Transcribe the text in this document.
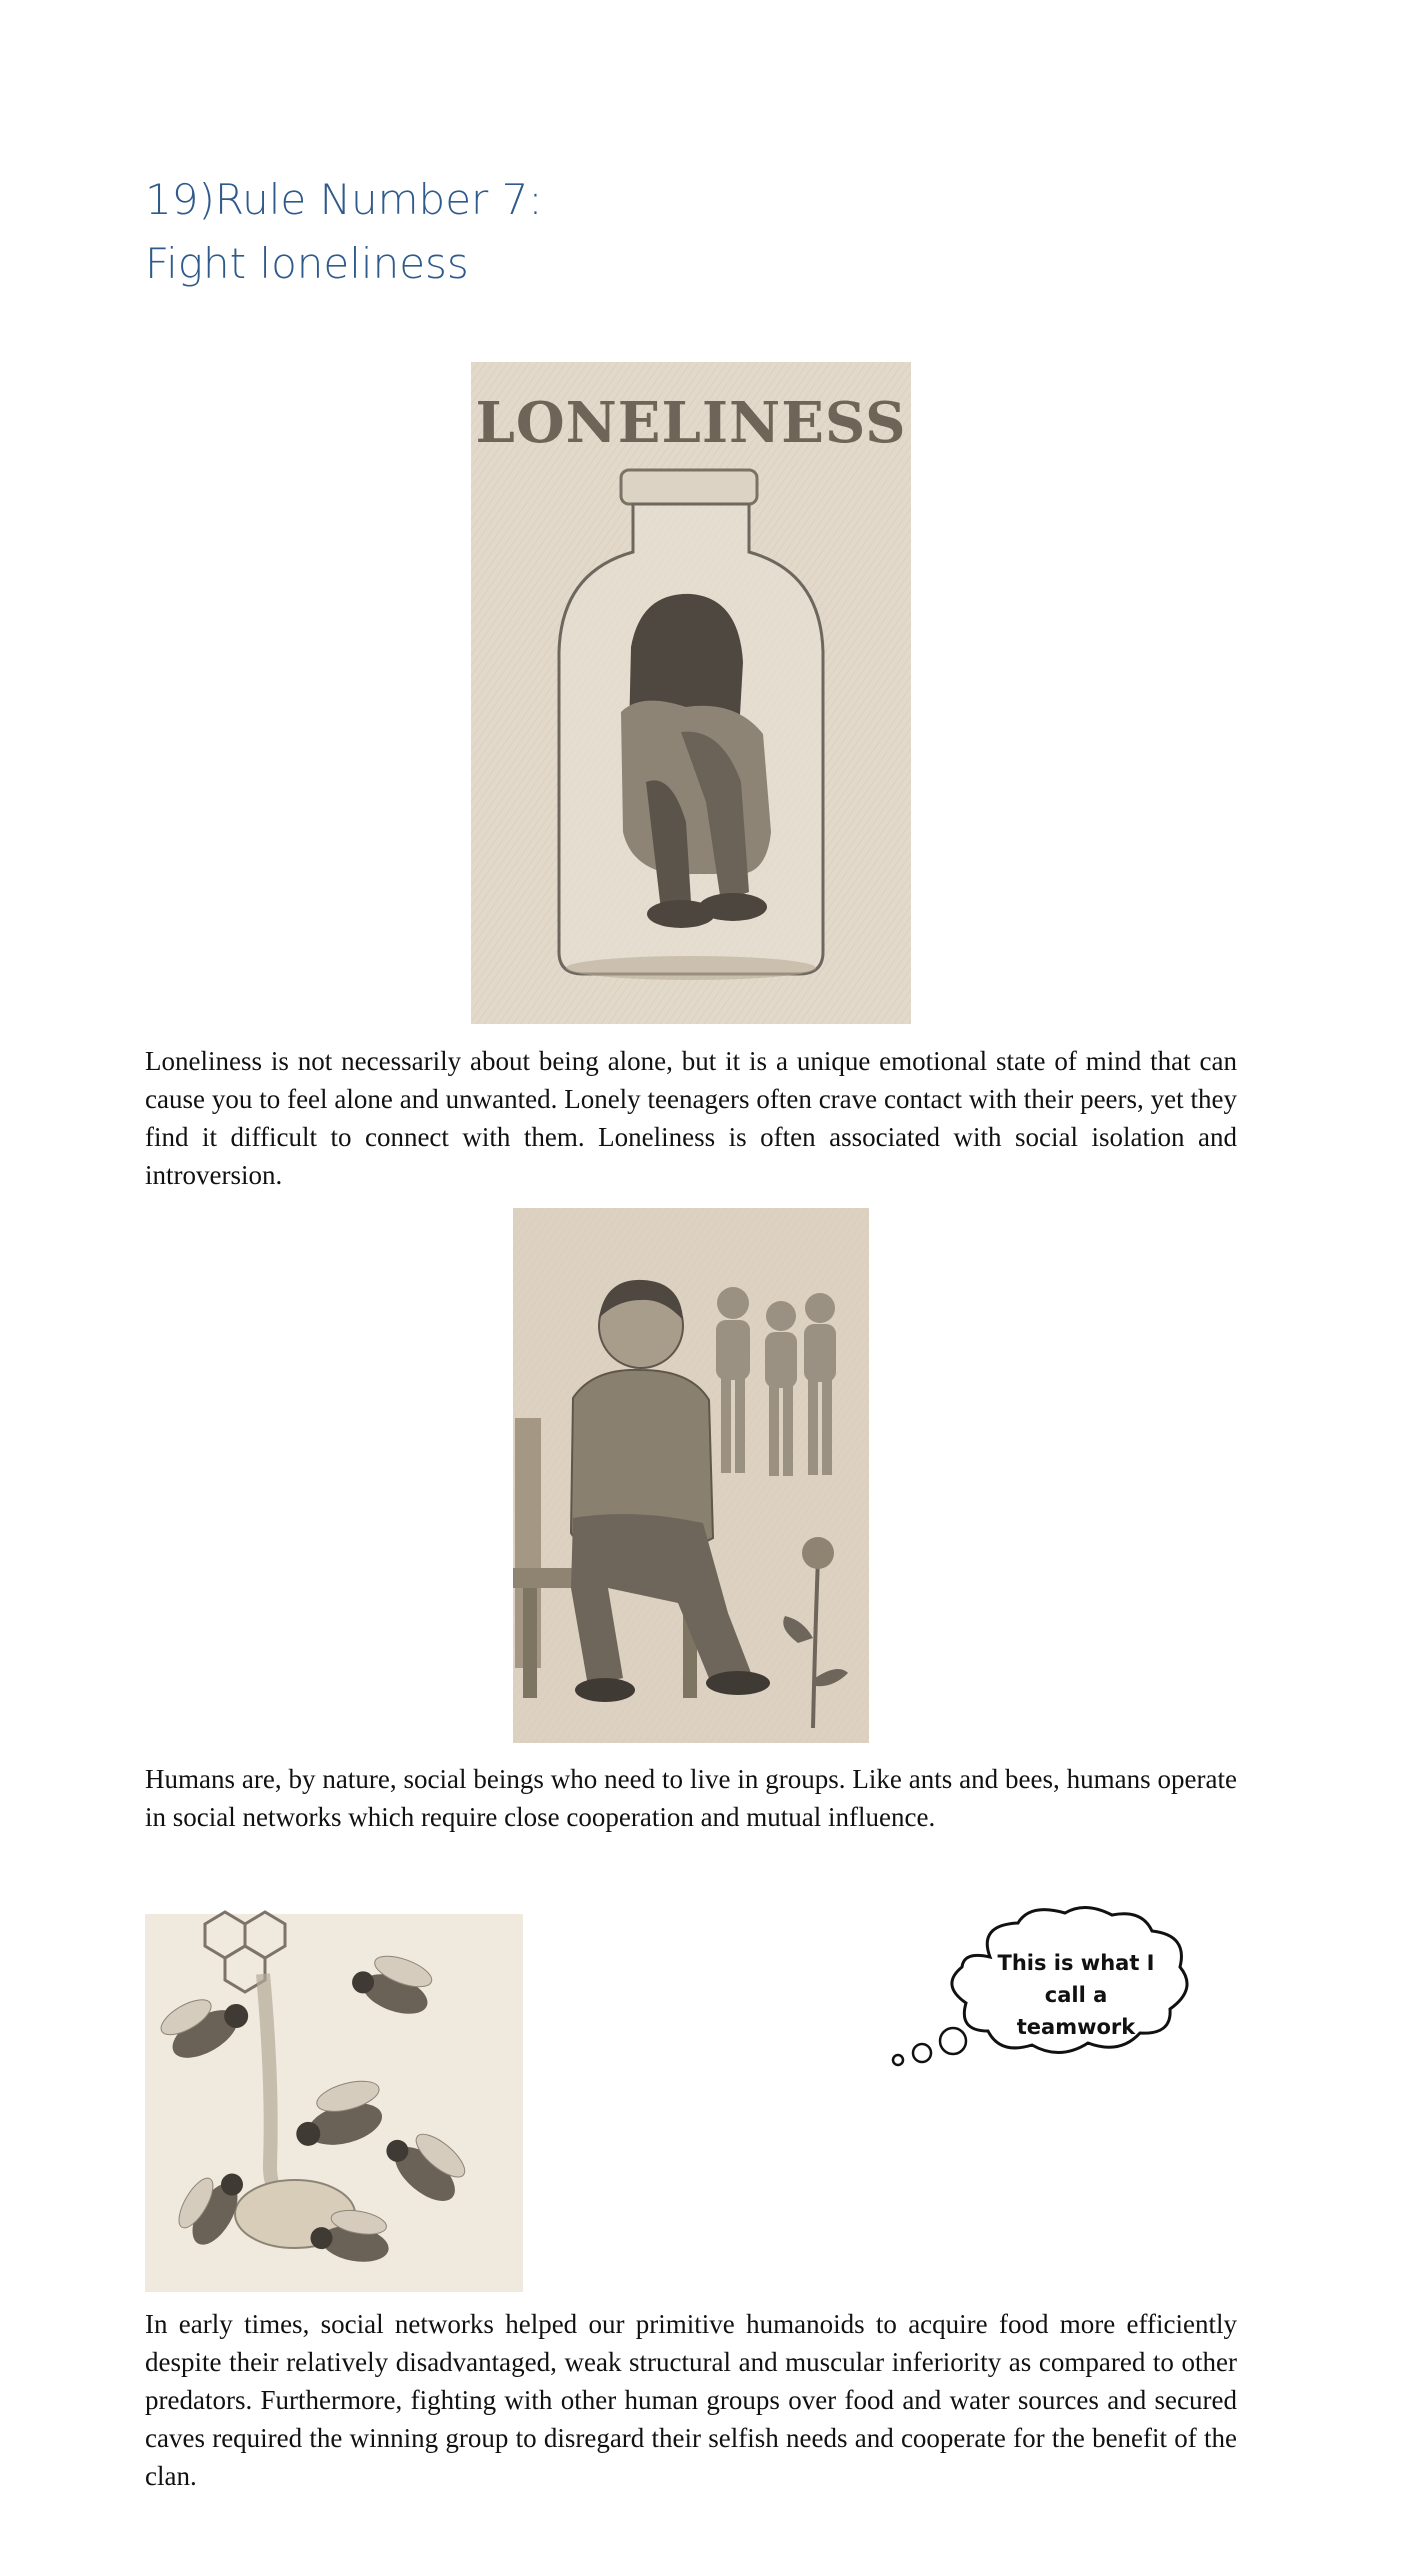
19)Rule Number 7:
Fight loneliness
LONELINESS

Loneliness is not necessarily about being alone, but it is a unique emotional state of mind that can cause you to feel alone and unwanted. Lonely teenagers often crave contact with their peers, yet they find it difficult to connect with them. Loneliness is often associated with social isolation and introversion.

Humans are, by nature, social beings who need to live in groups. Like ants and bees, humans operate in social networks which require close cooperation and mutual influence.

This is what I call a teamwork

In early times, social networks helped our primitive humanoids to acquire food more efficiently despite their relatively disadvantaged, weak structural and muscular inferiority as compared to other predators. Furthermore, fighting with other human groups over food and water sources and secured caves required the winning group to disregard their selfish needs and cooperate for the benefit of the clan.
